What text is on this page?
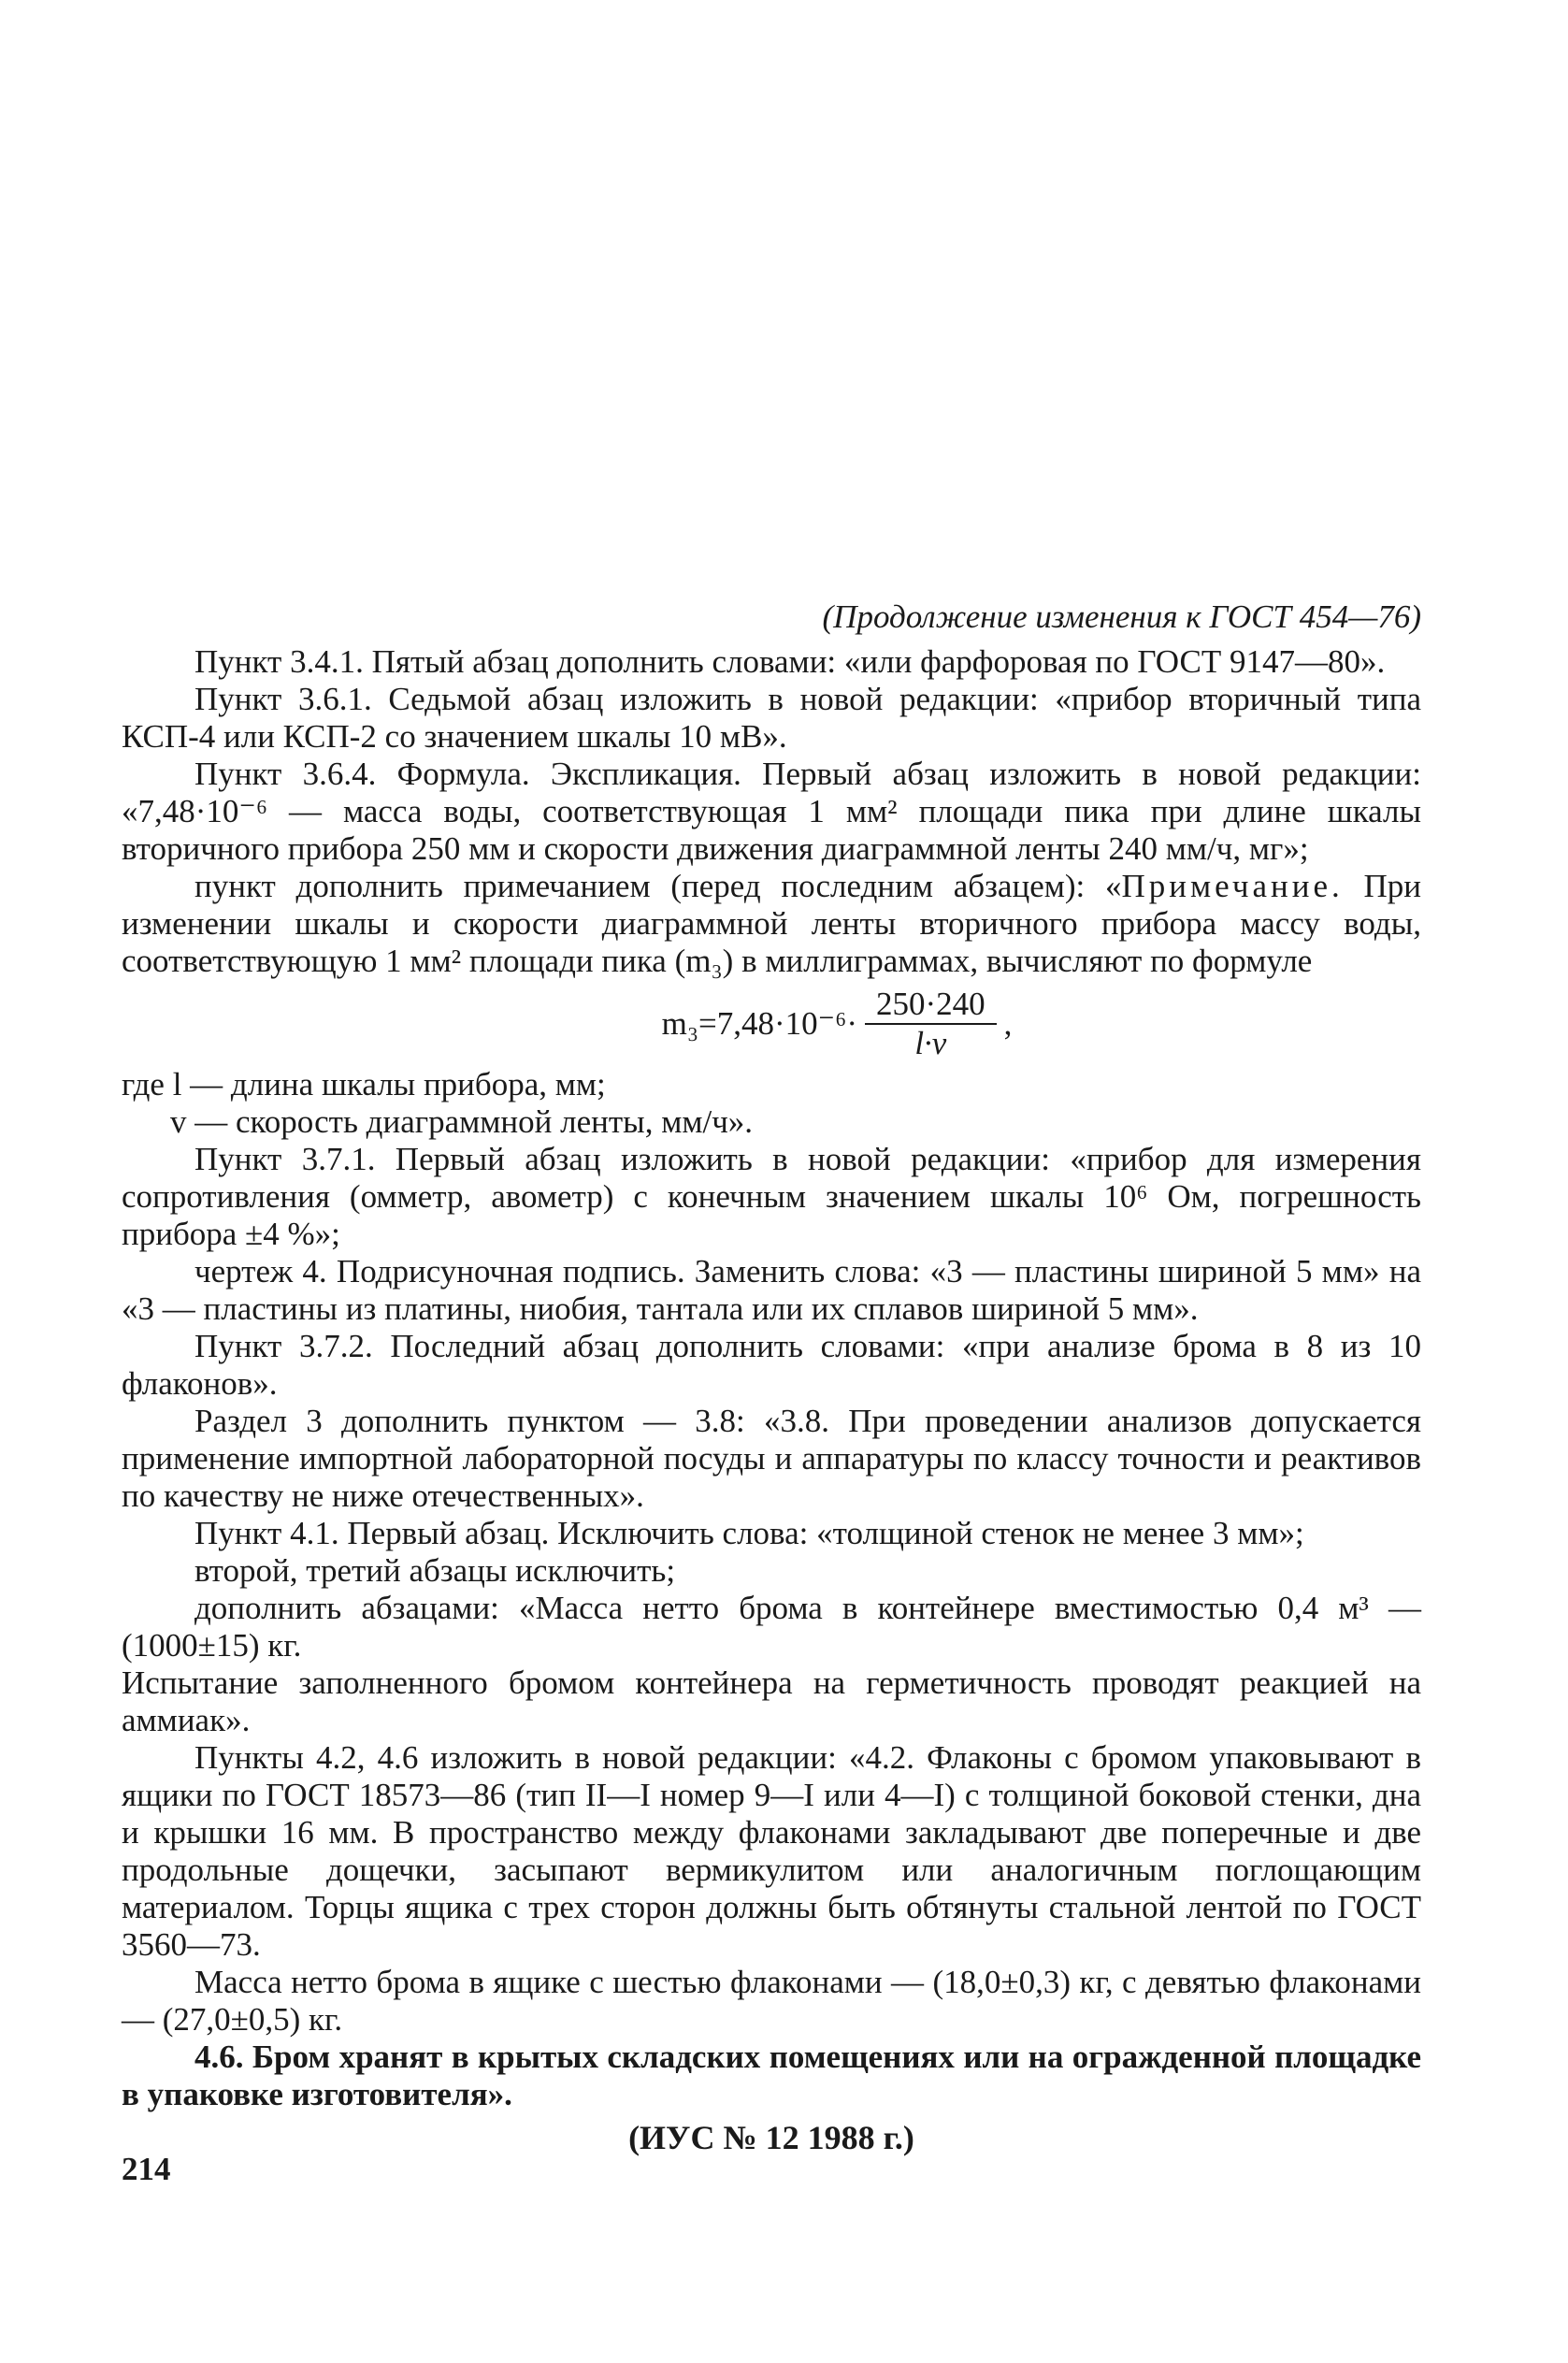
(Продолжение изменения к ГОСТ 454—76)

Пункт 3.4.1. Пятый абзац дополнить словами: «или фарфоровая по ГОСТ 9147—80».

Пункт 3.6.1. Седьмой абзац изложить в новой редакции: «прибор вторичный типа КСП-4 или КСП-2 со значением шкалы 10 мВ».

Пункт 3.6.4. Формула. Экспликация. Первый абзац изложить в новой редакции: «7,48·10⁻⁶ — масса воды, соответствующая 1 мм² площади пика при длине шкалы вторичного прибора 250 мм и скорости движения диаграммной ленты 240 мм/ч, мг»;

пункт дополнить примечанием (перед последним абзацем): «Примечание. При изменении шкалы и скорости диаграммной ленты вторичного прибора массу воды, соответствующую 1 мм² площади пика (m₃) в миллиграммах, вычисляют по формуле

$m_3=7,48\cdot 10^{-6}\cdot \frac{250\cdot 240}{l\cdot v}$ ,
где l — длина шкалы прибора, мм;
v — скорость диаграммной ленты, мм/ч».

Пункт 3.7.1. Первый абзац изложить в новой редакции: «прибор для измерения сопротивления (омметр, авометр) с конечным значением шкалы 10⁶ Ом, погрешность прибора ±4 %»;

чертеж 4. Подрисуночная подпись. Заменить слова: «3 — пластины шириной 5 мм» на «3 — пластины из платины, ниобия, тантала или их сплавов шириной 5 мм».

Пункт 3.7.2. Последний абзац дополнить словами: «при анализе брома в 8 из 10 флаконов».

Раздел 3 дополнить пунктом — 3.8: «3.8. При проведении анализов допускается применение импортной лабораторной посуды и аппаратуры по классу точности и реактивов по качеству не ниже отечественных».

Пункт 4.1. Первый абзац. Исключить слова: «толщиной стенок не менее 3 мм»;

второй, третий абзацы исключить;

дополнить абзацами: «Масса нетто брома в контейнере вместимостью 0,4 м³ — (1000±15) кг.

Испытание заполненного бромом контейнера на герметичность проводят реакцией на аммиак».

Пункты 4.2, 4.6 изложить в новой редакции: «4.2. Флаконы с бромом упаковывают в ящики по ГОСТ 18573—86 (тип II—I номер 9—I или 4—I) с толщиной боковой стенки, дна и крышки 16 мм. В пространство между флаконами закладывают две поперечные и две продольные дощечки, засыпают вермикулитом или аналогичным поглощающим материалом. Торцы ящика с трех сторон должны быть обтянуты стальной лентой по ГОСТ 3560—73.

Масса нетто брома в ящике с шестью флаконами — (18,0±0,3) кг, с девятью флаконами — (27,0±0,5) кг.

4.6. Бром хранят в крытых складских помещениях или на огражденной площадке в упаковке изготовителя».

(ИУС № 12 1988 г.)
214
